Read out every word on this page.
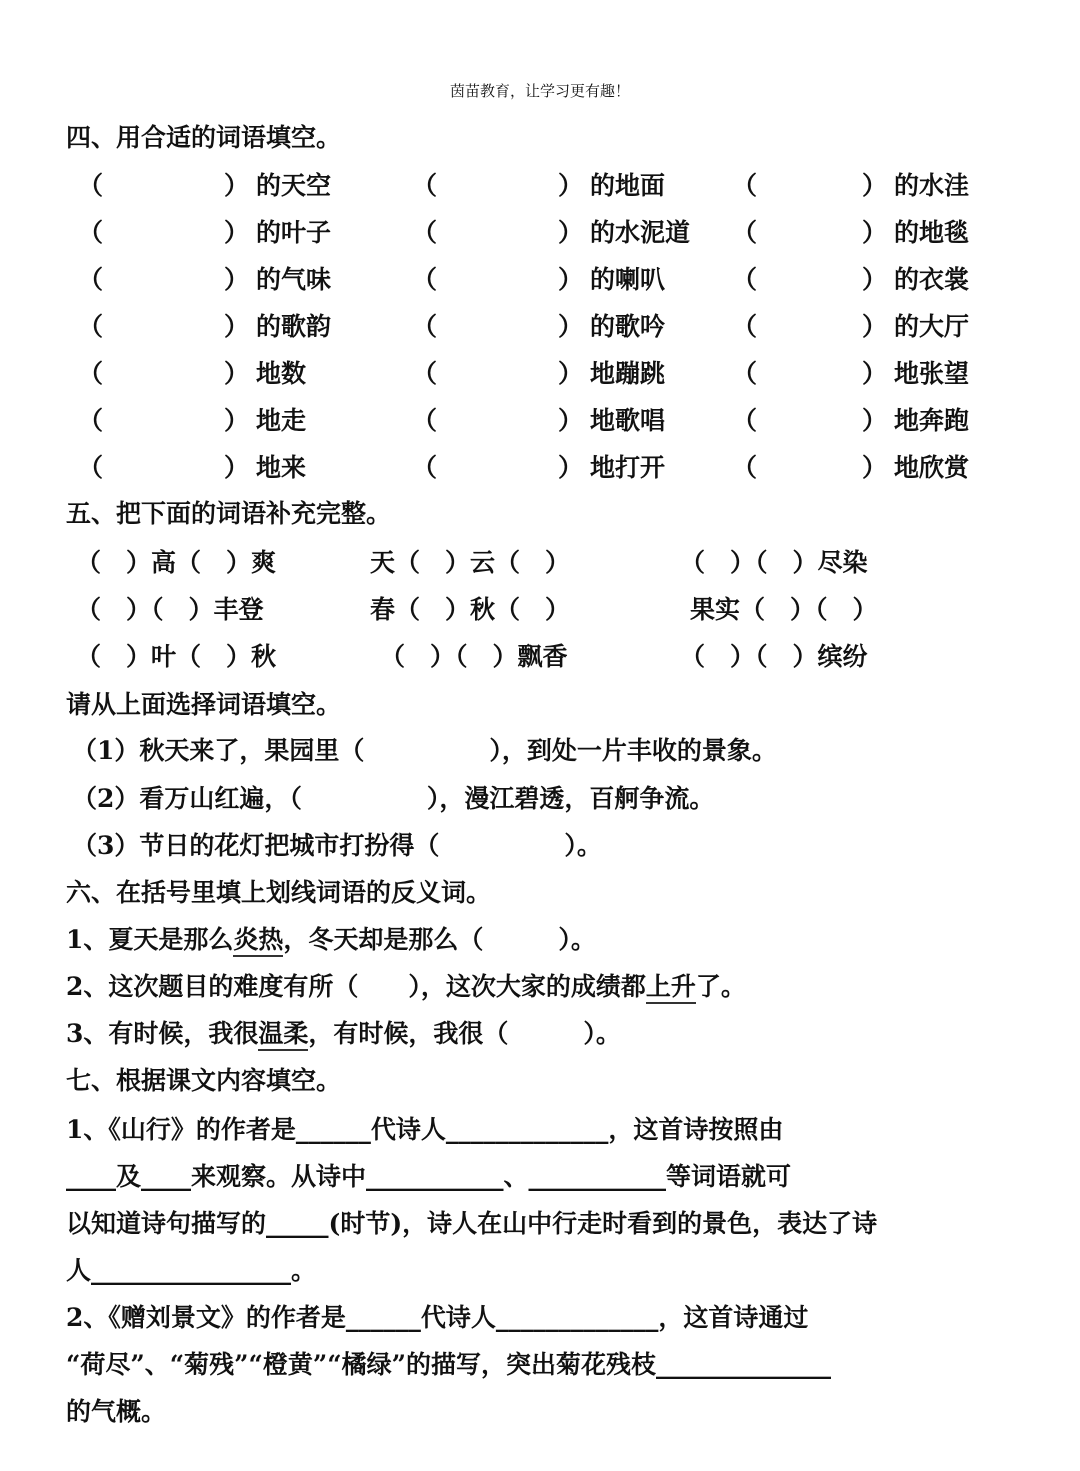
茵苗教育，让学习更有趣！
四、用合适的词语填空。
（	） 的天空	（	） 的地面	（	） 的水洼
（	） 的叶子	（	） 的水泥道 （	） 的地毯
（	） 的气味	（	） 的喇叭	（	） 的衣裳
（	） 的歌韵	（	） 的歌吟	（	） 的大厅
（	） 地数	（	） 地蹦跳	（	） 地张望
（	） 地走	（	） 地歌唱	（	） 地奔跑
（	） 地来	（	） 地打开	（	） 地欣赏
五、把下面的词语补充完整。
（　）高（　）爽	天（　）云（　）	（　）（　）尽染
（　）（　）丰登	春（　）秋（　）	果实（　）（　）
（　）叶（　）秋	（　）（　）飘香	（　）（　）缤纷
请从上面选择词语填空。
（1）秋天来了，果园里（　　　　　），到处一片丰收的景象。
（2）看万山红遍，（　　　　　），漫江碧透，百舸争流。
（3）节日的花灯把城市打扮得（　　　　　）。
六、在括号里填上划线词语的反义词。
1、夏天是那么炎热，冬天却是那么（　　　）。
2、这次题目的难度有所（　　），这次大家的成绩都上升了。
3、有时候，我很温柔，有时候，我很（　　　）。
七、根据课文内容填空。
1、《山行》的作者是______代诗人_____________，这首诗按照由
____及____来观察。从诗中___________、___________等词语就可
以知道诗句描写的_____(时节)，诗人在山中行走时看到的景色，表达了诗
人________________。
2、《赠刘景文》的作者是______代诗人_____________，这首诗通过
“荷尽”、“菊残”“橙黄”“橘绿”的描写，突出菊花残枝______________
的气概。
